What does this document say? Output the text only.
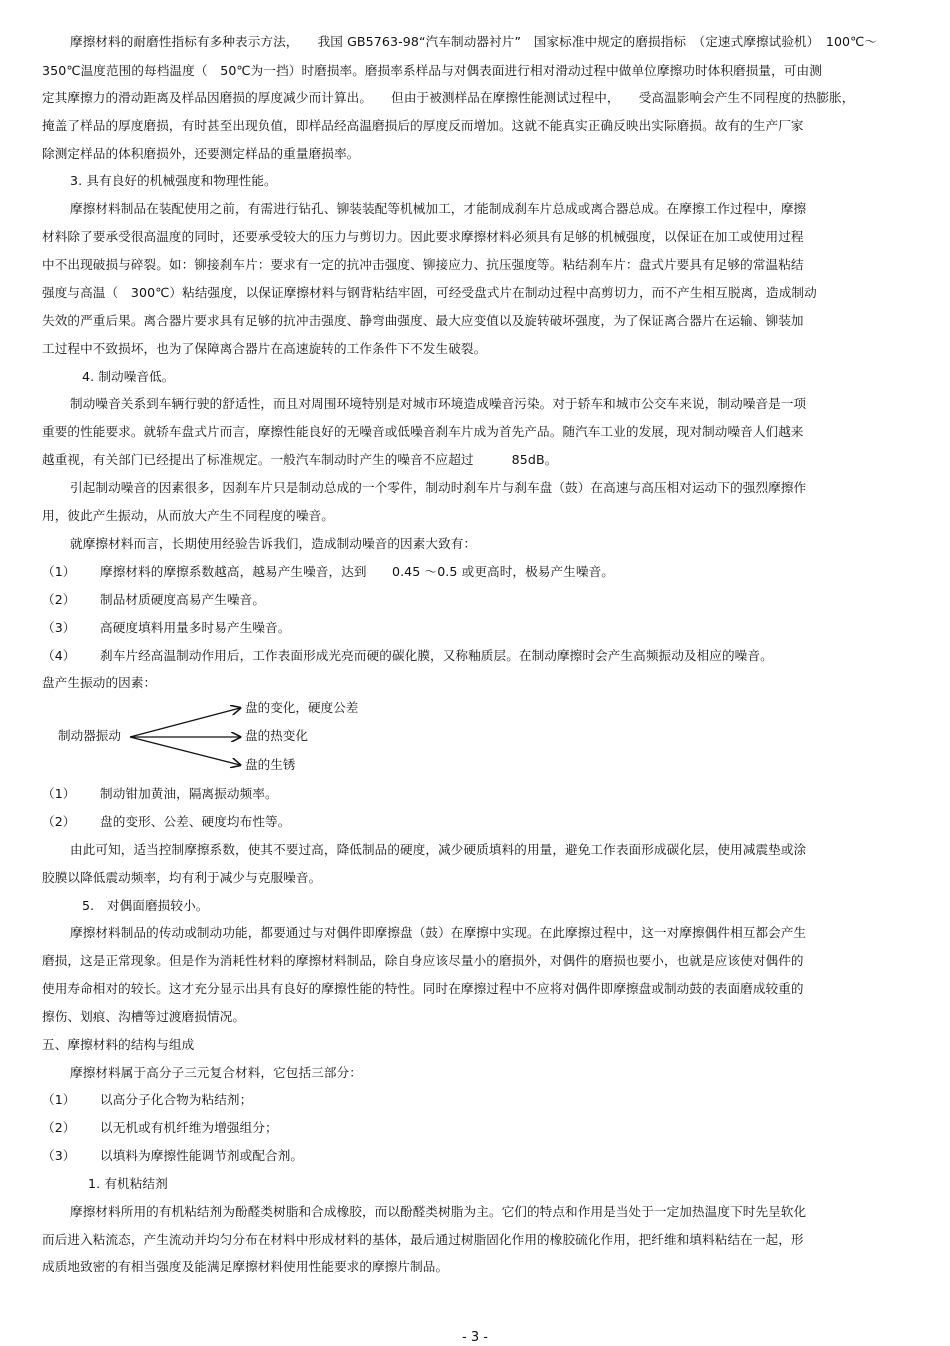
摩擦材料的耐磨性指标有多种表示方法，　　我国 GB5763-98“汽车制动器衬片”　国家标准中规定的磨损指标　（定速式摩擦试验机）　100℃～
350℃温度范围的每档温度（　50℃为一挡）时磨损率。磨损率系样品与对偶表面进行相对滑动过程中做单位摩擦功时体积磨损量，可由测
定其摩擦力的滑动距离及样品因磨损的厚度减少而计算出。　　但由于被测样品在摩擦性能测试过程中，　　受高温影响会产生不同程度的热膨胀，
掩盖了样品的厚度磨损，有时甚至出现负值，即样品经高温磨损后的厚度反而增加。这就不能真实正确反映出实际磨损。故有的生产厂家
除测定样品的体积磨损外，还要测定样品的重量磨损率。
3. 具有良好的机械强度和物理性能。
摩擦材料制品在装配使用之前，有需进行钻孔、铆装装配等机械加工，才能制成刹车片总成或离合器总成。在摩擦工作过程中，摩擦
材料除了要承受很高温度的同时，还要承受较大的压力与剪切力。因此要求摩擦材料必须具有足够的机械强度，以保证在加工或使用过程
中不出现破损与碎裂。如：铆接刹车片：要求有一定的抗冲击强度、铆接应力、抗压强度等。粘结刹车片：盘式片要具有足够的常温粘结
强度与高温（　300℃）粘结强度，以保证摩擦材料与钢背粘结牢固，可经受盘式片在制动过程中高剪切力，而不产生相互脱离，造成制动
失效的严重后果。离合器片要求具有足够的抗冲击强度、静弯曲强度、最大应变值以及旋转破坏强度，为了保证离合器片在运输、铆装加
工过程中不致损坏，也为了保障离合器片在高速旋转的工作条件下不发生破裂。
4. 制动噪音低。
制动噪音关系到车辆行驶的舒适性，而且对周围环境特别是对城市环境造成噪音污染。对于轿车和城市公交车来说，制动噪音是一项
重要的性能要求。就轿车盘式片而言，摩擦性能良好的无噪音或低噪音刹车片成为首先产品。随汽车工业的发展，现对制动噪音人们越来
越重视，有关部门已经提出了标准规定。一般汽车制动时产生的噪音不应超过　　　85dB。
引起制动噪音的因素很多，因刹车片只是制动总成的一个零件，制动时刹车片与刹车盘（鼓）在高速与高压相对运动下的强烈摩擦作
用，彼此产生振动，从而放大产生不同程度的噪音。
就摩擦材料而言，长期使用经验告诉我们，造成制动噪音的因素大致有：
（1） 摩擦材料的摩擦系数越高，越易产生噪音，达到　　0.45 ～0.5 或更高时，极易产生噪音。
（2） 制品材质硬度高易产生噪音。
（3） 高硬度填料用量多时易产生噪音。
（4） 刹车片经高温制动作用后，工作表面形成光亮而硬的碳化膜，又称釉质层。在制动摩擦时会产生高频振动及相应的噪音。
盘产生振动的因素：
制动器振动
盘的变化，硬度公差
盘的热变化
盘的生锈
（1） 制动钳加黄油，隔离振动频率。
（2） 盘的变形、公差、硬度均布性等。
由此可知，适当控制摩擦系数，使其不要过高，降低制品的硬度，减少硬质填料的用量，避免工作表面形成碳化层，使用减震垫或涂
胶膜以降低震动频率，均有利于减少与克服噪音。
5.　对偶面磨损较小。
摩擦材料制品的传动或制动功能，都要通过与对偶件即摩擦盘（鼓）在摩擦中实现。在此摩擦过程中，这一对摩擦偶件相互都会产生
磨损，这是正常现象。但是作为消耗性材料的摩擦材料制品，除自身应该尽量小的磨损外，对偶件的磨损也要小，也就是应该使对偶件的
使用寿命相对的较长。这才充分显示出具有良好的摩擦性能的特性。同时在摩擦过程中不应将对偶件即摩擦盘或制动鼓的表面磨成较重的
擦伤、划痕、沟槽等过渡磨损情况。
五、摩擦材料的结构与组成
摩擦材料属于高分子三元复合材料，它包括三部分：
（1） 以高分子化合物为粘结剂；
（2） 以无机或有机纤维为增强组分；
（3） 以填料为摩擦性能调节剂或配合剂。
1. 有机粘结剂
摩擦材料所用的有机粘结剂为酚醛类树脂和合成橡胶，而以酚醛类树脂为主。它们的特点和作用是当处于一定加热温度下时先呈软化
而后进入粘流态，产生流动并均匀分布在材料中形成材料的基体，最后通过树脂固化作用的橡胶硫化作用，把纤维和填料粘结在一起，形
成质地致密的有相当强度及能满足摩擦材料使用性能要求的摩擦片制品。
- 3 -
